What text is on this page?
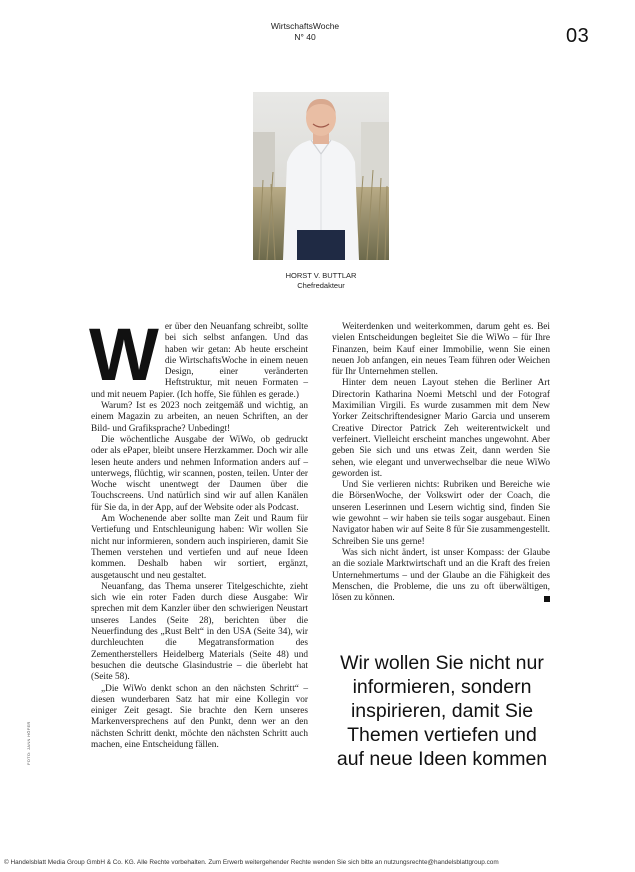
WirtschaftsWoche
N° 40	03
HORST V. BUTTLAR
Chefredakteur

Wer über den Neuanfang schreibt, sollte bei sich selbst anfangen. Und das haben wir getan: Ab heute erscheint die WirtschaftsWoche in einem neuen Design, einer veränderten Heftstruktur, mit neuen Formaten – und mit neuem Papier. (Ich hoffe, Sie fühlen es gerade.)

Warum? Ist es 2023 noch zeitgemäß und wichtig, an einem Magazin zu arbeiten, an neuen Schriften, an der Bild- und Grafiksprache? Unbedingt!

Die wöchentliche Ausgabe der WiWo, ob gedruckt oder als ePaper, bleibt unsere Herzkammer. Doch wir alle lesen heute anders und nehmen Information anders auf – unterwegs, flüchtig, wir scannen, posten, teilen. Unter der Woche wischt unentwegt der Daumen über die Touchscreens. Und natürlich sind wir auf allen Kanälen für Sie da, in der App, auf der Website oder als Podcast.

Am Wochenende aber sollte man Zeit und Raum für Vertiefung und Entschleunigung haben: Wir wollen Sie nicht nur informieren, sondern auch inspirieren, damit Sie Themen verstehen und vertiefen und auf neue Ideen kommen. Deshalb haben wir sortiert, ergänzt, ausgetauscht und neu gestaltet.

Neuanfang, das Thema unserer Titelgeschichte, zieht sich wie ein roter Faden durch diese Ausgabe: Wir sprechen mit dem Kanzler über den schwierigen Neustart unseres Landes (Seite 28), berichten über die Neuerfindung des „Rust Belt“ in den USA (Seite 34), wir durchleuchten die Megatransformation des Zementherstellers Heidelberg Materials (Seite 48) und besuchen die deutsche Glasindustrie – die überlebt hat (Seite 58).

„Die WiWo denkt schon an den nächsten Schritt“ – diesen wunderbaren Satz hat mir eine Kollegin vor einiger Zeit gesagt. Sie brachte den Kern unseres Markenversprechens auf den Punkt, denn wer an den nächsten Schritt denkt, möchte den nächsten Schritt auch machen, eine Entscheidung fällen.

Weiterdenken und weiterkommen, darum geht es. Bei vielen Entscheidungen begleitet Sie die WiWo – für Ihre Finanzen, beim Kauf einer Immobilie, wenn Sie einen neuen Job anfangen, ein neues Team führen oder Weichen für Ihr Unternehmen stellen.

Hinter dem neuen Layout stehen die Berliner Art Directorin Katharina Noemi Metschl und der Fotograf Maximilian Virgili. Es wurde zusammen mit dem New Yorker Zeitschriftendesigner Mario Garcia und unserem Creative Director Patrick Zeh weiterentwickelt und verfeinert. Vielleicht erscheint manches ungewohnt. Aber geben Sie sich und uns etwas Zeit, dann werden Sie sehen, wie elegant und unverwechselbar die neue WiWo geworden ist.

Und Sie verlieren nichts: Rubriken und Bereiche wie die BörsenWoche, der Volkswirt oder der Coach, die unseren Leserinnen und Lesern wichtig sind, finden Sie wie gewohnt – wir haben sie teils sogar ausgebaut. Einen Navigator haben wir auf Seite 8 für Sie zusammengestellt. Schreiben Sie uns gerne!

Was sich nicht ändert, ist unser Kompass: der Glaube an die soziale Marktwirtschaft und an die Kraft des freien Unternehmertums – und der Glaube an die Fähigkeit des Menschen, die Probleme, die uns zu oft überwältigen, lösen zu können.

Wir wollen Sie nicht nur informieren, sondern inspirieren, damit Sie Themen vertiefen und auf neue Ideen kommen
FOTO: JANN HÖFER
© Handelsblatt Media Group GmbH & Co. KG. Alle Rechte vorbehalten. Zum Erwerb weitergehender Rechte wenden Sie sich bitte an nutzungsrechte@handelsblattgroup.com
